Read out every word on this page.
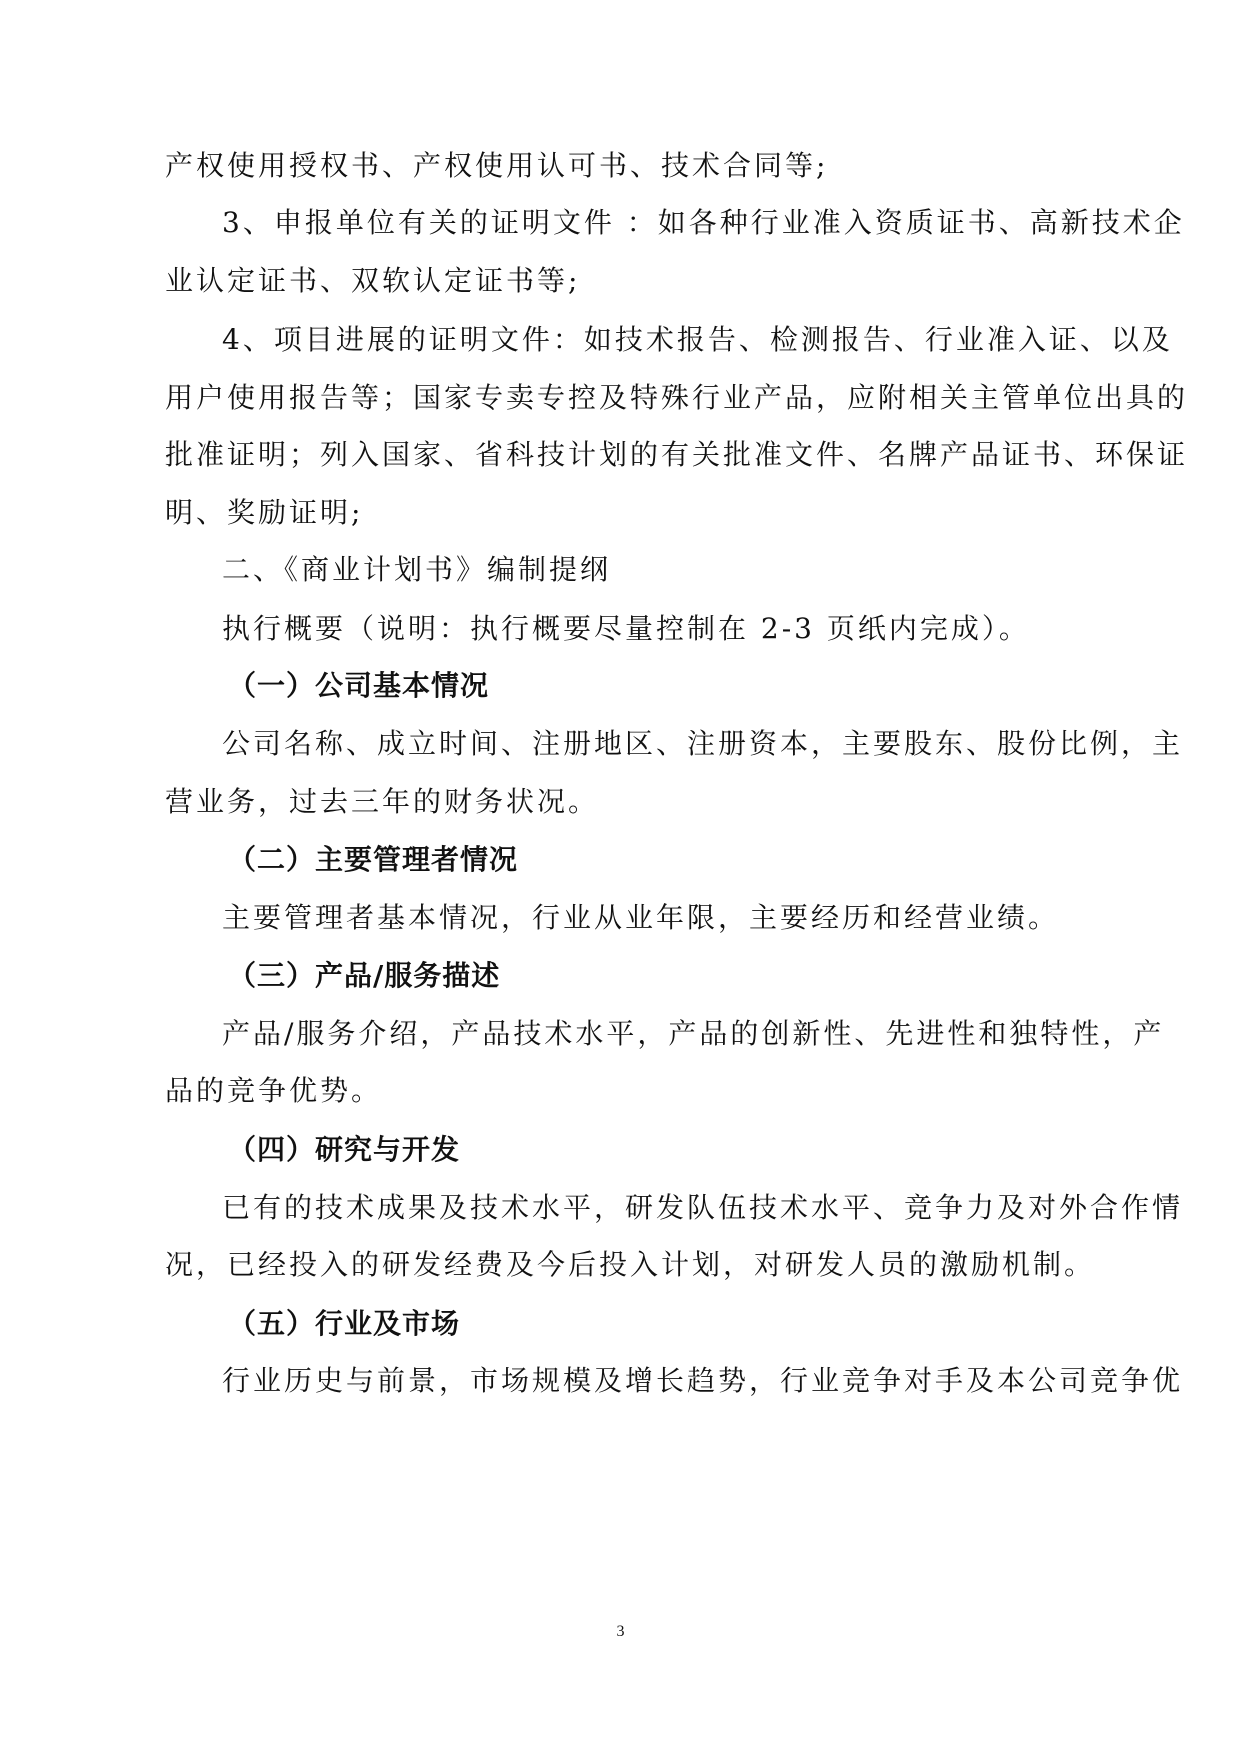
产权使用授权书、产权使用认可书、技术合同等;
3、申报单位有关的证明文件 ：如各种行业准入资质证书、高新技术企
业认定证书、双软认定证书等;
4、项目进展的证明文件：如技术报告、检测报告、行业准入证、以及
用户使用报告等；国家专卖专控及特殊行业产品，应附相关主管单位出具的
批准证明；列入国家、省科技计划的有关批准文件、名牌产品证书、环保证
明、奖励证明;
二、《商业计划书》编制提纲
执行概要（说明：执行概要尽量控制在 2-3 页纸内完成）。
（一）公司基本情况
公司名称、成立时间、注册地区、注册资本，主要股东、股份比例，主
营业务，过去三年的财务状况。
（二）主要管理者情况
主要管理者基本情况，行业从业年限，主要经历和经营业绩。
（三）产品/服务描述
产品/服务介绍，产品技术水平，产品的创新性、先进性和独特性，产
品的竞争优势。
（四）研究与开发
已有的技术成果及技术水平，研发队伍技术水平、竞争力及对外合作情
况，已经投入的研发经费及今后投入计划，对研发人员的激励机制。
（五）行业及市场
行业历史与前景，市场规模及增长趋势，行业竞争对手及本公司竞争优
3
